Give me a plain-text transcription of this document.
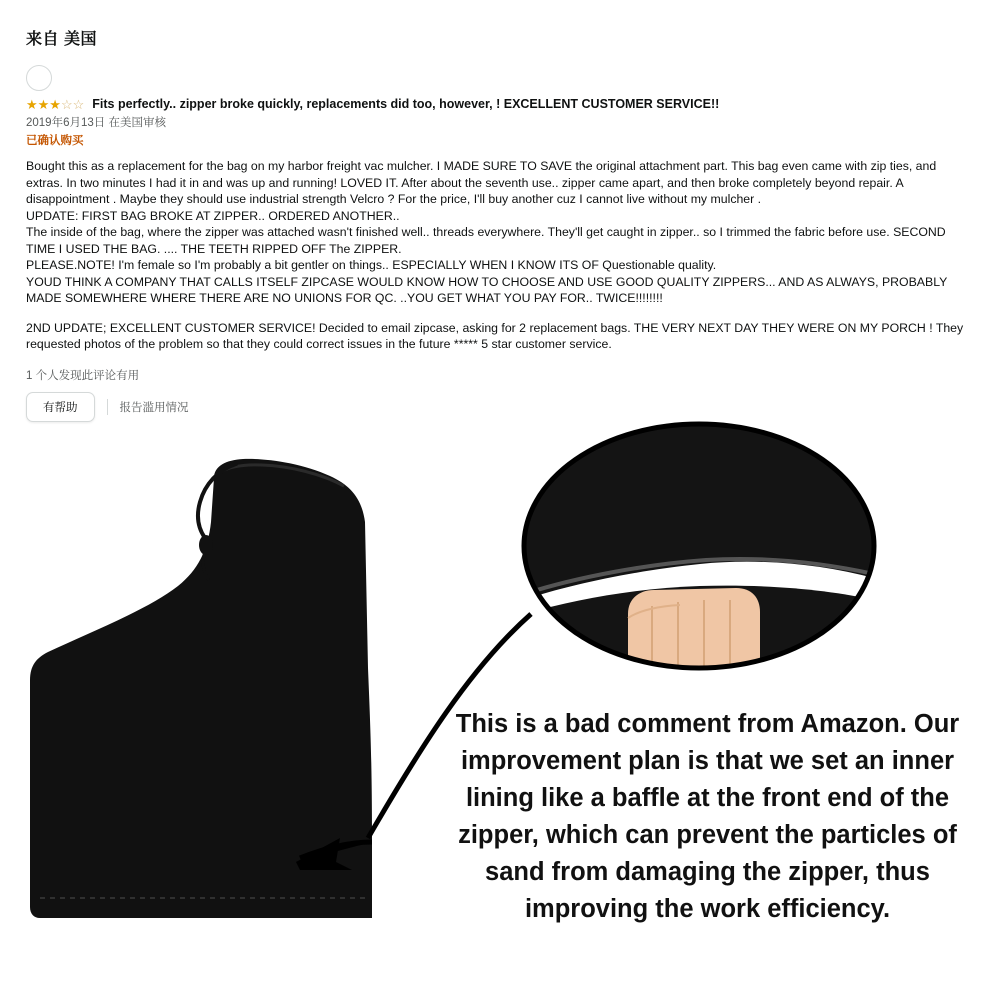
来自 美国
★★★☆☆ Fits perfectly.. zipper broke quickly, replacements did too, however, ! EXCELLENT CUSTOMER SERVICE!!
2019年6月13日 在美国审核
已确认购买

Bought this as a replacement for the bag on my harbor freight vac mulcher. I MADE SURE TO SAVE the original attachment part. This bag even came with zip ties, and extras. In two minutes I had it in and was up and running! LOVED IT. After about the seventh use.. zipper came apart, and then broke completely beyond repair. A disappointment . Maybe they should use industrial strength Velcro ? For the price, I'll buy another cuz I cannot live without my mulcher .

UPDATE: FIRST BAG BROKE AT ZIPPER.. ORDERED ANOTHER..

The inside of the bag, where the zipper was attached wasn't finished well.. threads everywhere. They'll get caught in zipper.. so I trimmed the fabric before use. SECOND TIME I USED THE BAG. .... THE TEETH RIPPED OFF The ZIPPER.

PLEASE.NOTE! I'm female so I'm probably a bit gentler on things.. ESPECIALLY WHEN I KNOW ITS OF Questionable quality.

YOUD THINK A COMPANY THAT CALLS ITSELF ZIPCASE WOULD KNOW HOW TO CHOOSE AND USE GOOD QUALITY ZIPPERS... AND AS ALWAYS, PROBABLY MADE SOMEWHERE WHERE THERE ARE NO UNIONS FOR QC. ..YOU GET WHAT YOU PAY FOR.. TWICE!!!!!!!!

2ND UPDATE; EXCELLENT CUSTOMER SERVICE! Decided to email zipcase, asking for 2 replacement bags. THE VERY NEXT DAY THEY WERE ON MY PORCH ! They requested photos of the problem so that they could correct issues in the future ***** 5 star customer service.

1 个人发现此评论有用
有帮助	报告滥用情况
This is a bad comment from Amazon. Our improvement plan is that we set an inner lining like a baffle at the front end of the zipper, which can prevent the particles of sand from damaging the zipper, thus improving the work efficiency.
